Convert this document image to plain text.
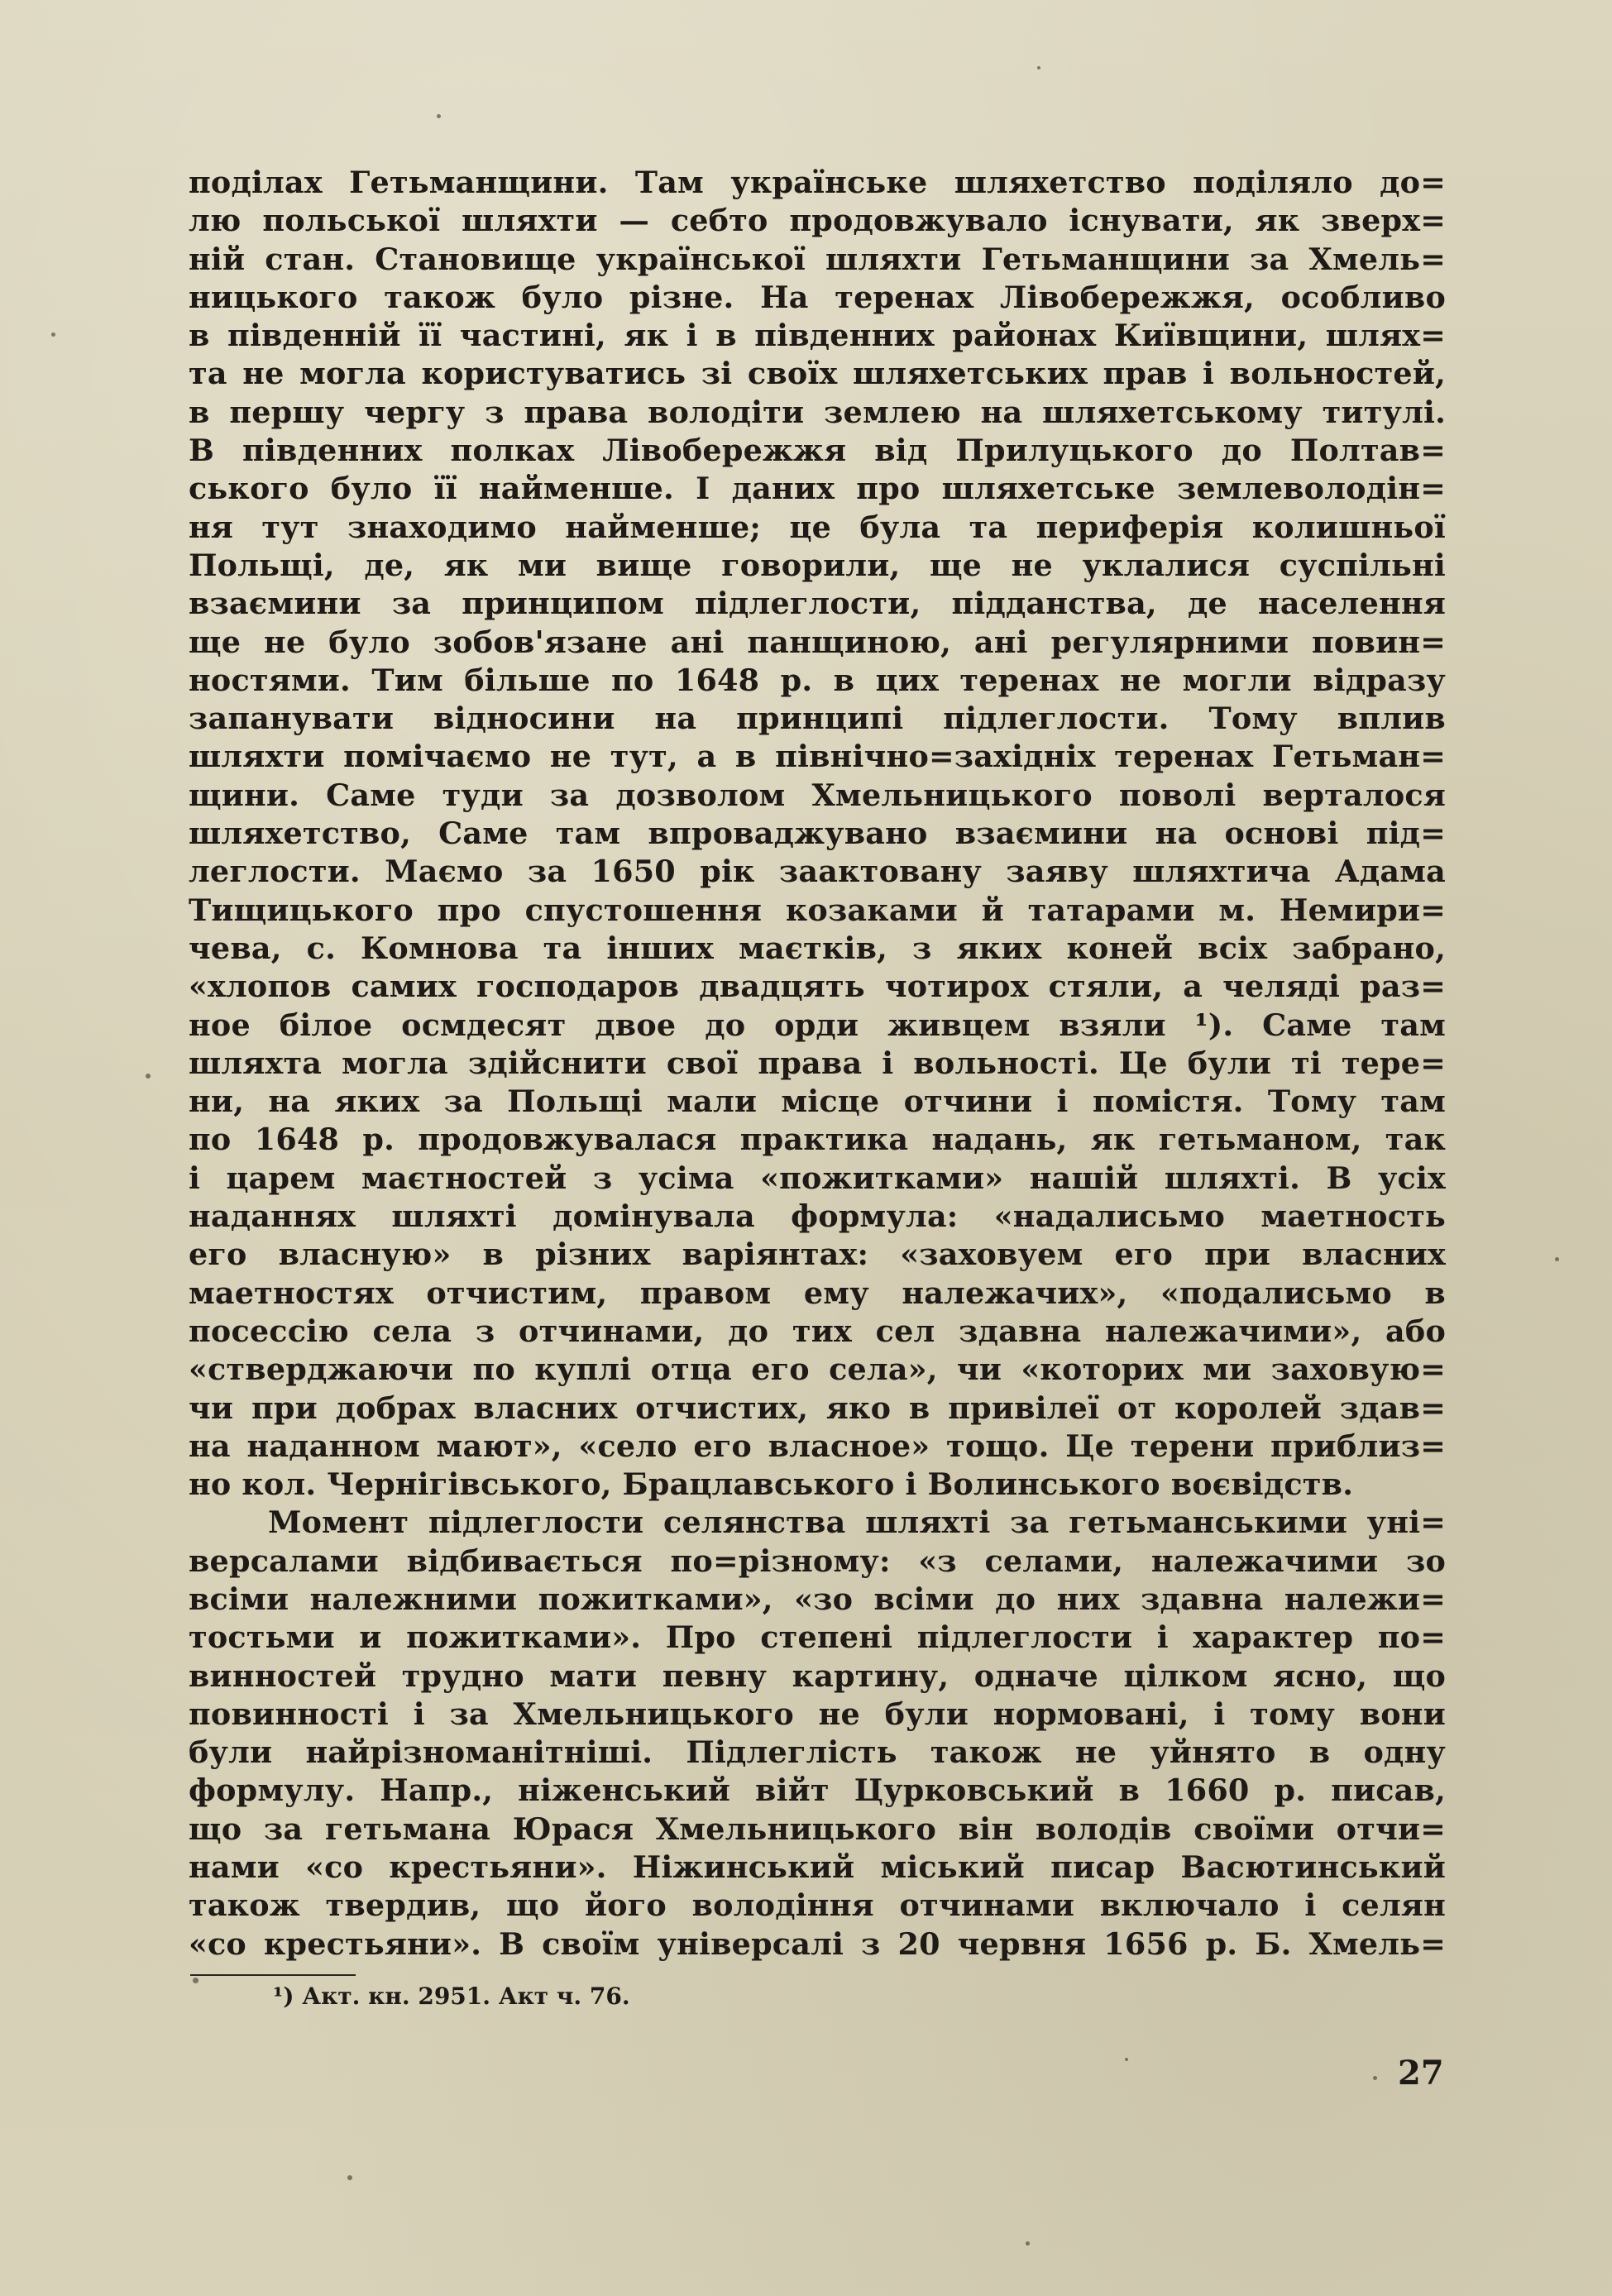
поділах Гетьманщини. Там українське шляхетство поділяло до=
лю польської шляхти — себто продовжувало існувати, як зверх=
ній стан. Становище української шляхти Гетьманщини за Хмель=
ницького також було різне. На теренах Лівобережжя, особливо
в південній її частині, як і в південних районах Київщини, шлях=
та не могла користуватись зі своїх шляхетських прав і вольностей,
в першу чергу з права володіти землею на шляхетському титулі.
В південних полках Лівобережжя від Прилуцького до Полтав=
ського було її найменше. І даних про шляхетське землеволодін=
ня тут знаходимо найменше; це була та периферія колишньої
Польщі, де, як ми вище говорили, ще не уклалися суспільні
взаємини за принципом підлеглости, підданства, де населення
ще не було зобов'язане ані панщиною, ані регулярними повин=
ностями. Тим більше по 1648 р. в цих теренах не могли відразу
запанувати відносини на принципі підлеглости. Тому вплив
шляхти помічаємо не тут, а в північно=західніх теренах Гетьман=
щини. Саме туди за дозволом Хмельницького поволі верталося
шляхетство, Саме там впроваджувано взаємини на основі під=
леглости. Маємо за 1650 рік заактовану заяву шляхтича Адама
Тищицького про спустошення козаками й татарами м. Немири=
чева, с. Комнова та інших маєтків, з яких коней всіх забрано,
«хлопов самих господаров двадцять чотирох стяли, а челяді раз=
ное білое осмдесят двое до орди живцем взяли ¹). Саме там
шляхта могла здійснити свої права і вольності. Це були ті тере=
ни, на яких за Польщі мали місце отчини і помістя. Тому там
по 1648 р. продовжувалася практика надань, як гетьманом, так
і царем маєтностей з усіма «пожитками» нашій шляхті. В усіх
наданнях шляхті домінувала формула: «надалисьмо маетность
его власную» в різних варіянтах: «заховуем его при власних
маетностях отчистим, правом ему належачих», «подалисьмо в
посессію села з отчинами, до тих сел здавна належачими», або
«стверджаючи по куплі отца его села», чи «которих ми заховую=
чи при добрах власних отчистих, яко в привілеї от королей здав=
на наданном мают», «село его власное» тощо. Це терени приблиз=
но кол. Чернігівського, Брацлавського і Волинського воєвідств.
Момент підлеглости селянства шляхті за гетьманськими уні=
версалами відбивається по=різному: «з селами, належачими зо
всіми належними пожитками», «зо всіми до них здавна належи=
тостьми и пожитками». Про степені підлеглости і характер по=
винностей трудно мати певну картину, одначе цілком ясно, що
повинності і за Хмельницького не були нормовані, і тому вони
були найрізноманітніші. Підлеглість також не уйнято в одну
формулу. Напр., ніженський війт Цурковський в 1660 р. писав,
що за гетьмана Юрася Хмельницького він володів своїми отчи=
нами «со крестьяни». Ніжинський міський писар Васютинський
також твердив, що його володіння отчинами включало і селян
«со крестьяни». В своїм універсалі з 20 червня 1656 р. Б. Хмель=
¹) Акт. кн. 2951. Акт ч. 76.
27
